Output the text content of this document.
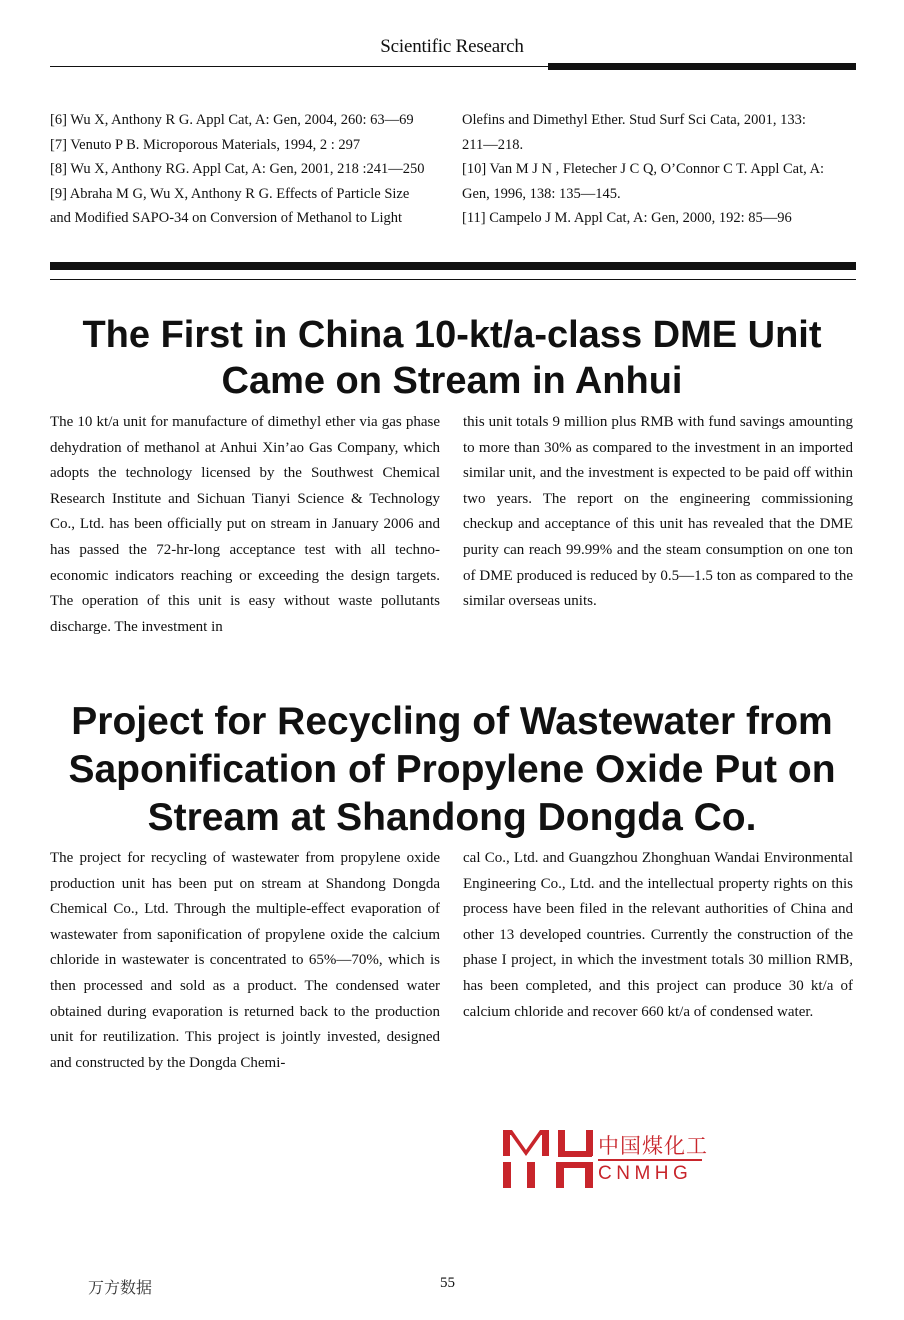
Scientific Research
[6] Wu X, Anthony R G. Appl Cat, A: Gen, 2004, 260: 63—69
[7] Venuto P B. Microporous Materials, 1994, 2 : 297
[8] Wu X, Anthony RG. Appl Cat, A: Gen, 2001, 218 :241—250
[9] Abraha M G, Wu X, Anthony R G. Effects of Particle Size
and Modified SAPO-34 on Conversion of Methanol to Light
Olefins and Dimethyl Ether. Stud Surf Sci Cata, 2001, 133:
211—218.
[10] Van M J N , Fletecher J C Q, O’Connor C T. Appl Cat, A:
Gen, 1996, 138: 135—145.
[11] Campelo J M. Appl Cat, A: Gen, 2000, 192: 85—96
The First in China 10-kt/a-class DME Unit Came on Stream in Anhui

The 10 kt/a unit for manufacture of dimethyl ether via gas phase dehydration of methanol at Anhui Xin’ao Gas Company, which adopts the technology licensed by the Southwest Chemical Research Institute and Sichuan Tianyi Science & Technology Co., Ltd. has been officially put on stream in January 2006 and has passed the 72-hr-long acceptance test with all techno-economic indicators reaching or exceeding the design targets. The operation of this unit is easy without waste pollutants discharge. The investment in

this unit totals 9 million plus RMB with fund savings amounting to more than 30% as compared to the investment in an imported similar unit, and the investment is expected to be paid off within two years. The report on the engineering commissioning checkup and acceptance of this unit has revealed that the DME purity can reach 99.99% and the steam consumption on one ton of DME produced is reduced by 0.5—1.5 ton as compared to the similar overseas units.

Project for Recycling of Wastewater from Saponification of Propylene Oxide Put on Stream at Shandong Dongda Co.

The project for recycling of wastewater from propylene oxide production unit has been put on stream at Shandong Dongda Chemical Co., Ltd. Through the multiple-effect evaporation of wastewater from saponification of propylene oxide the calcium chloride in wastewater is concentrated to 65%—70%, which is then processed and sold as a product. The condensed water obtained during evaporation is returned back to the production unit for reutilization. This project is jointly invested, designed and constructed by the Dongda Chemi-

cal Co., Ltd. and Guangzhou Zhonghuan Wandai Environmental Engineering Co., Ltd. and the intellectual property rights on this process have been filed in the relevant authorities of China and other 13 developed countries. Currently the construction of the phase I project, in which the investment totals 30 million RMB, has been completed, and this project can produce 30 kt/a of calcium chloride and recover 660 kt/a of condensed water.

中国煤化工
CNMHG
万方数据	55
